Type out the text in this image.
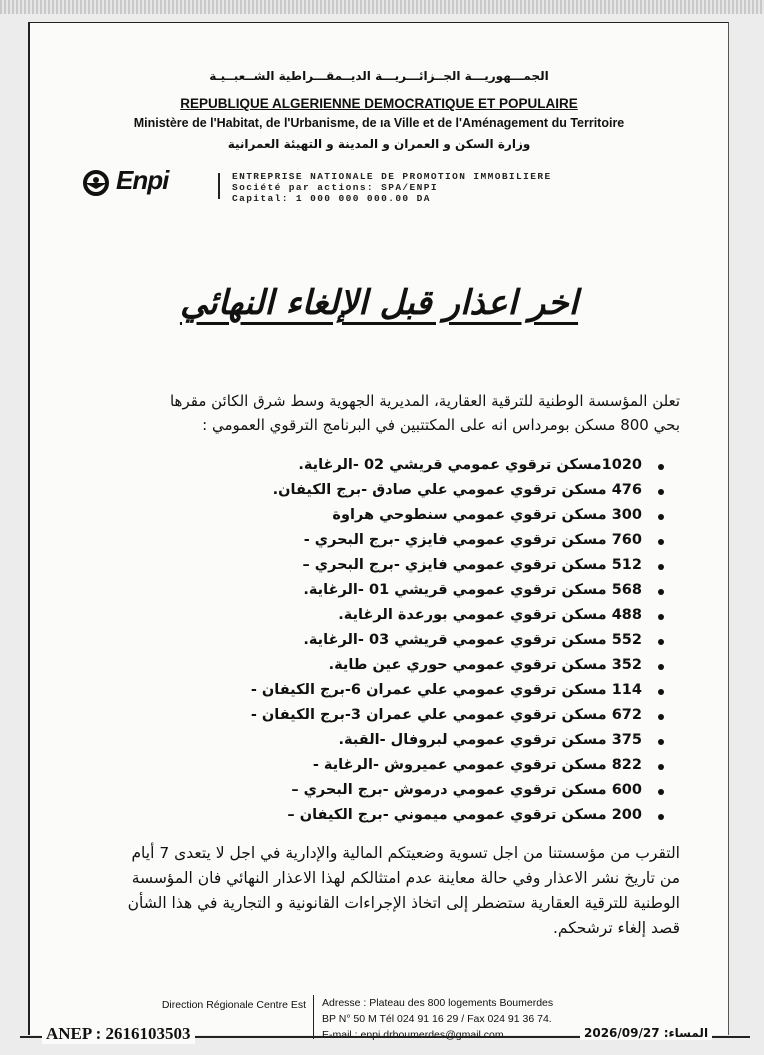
الجمـــهوريـــة الجــزائـــريـــة الديــمقـــراطية الشــعبــيـة
REPUBLIQUE ALGERIENNE DEMOCRATIQUE ET POPULAIRE
Ministère de l'Habitat, de l'Urbanisme, de ıa Ville et de l'Aménagement du Territoire
وزارة السكن و العمران و المدينة و التهيئة العمرانية
Enpi	ENTREPRISE NATIONALE DE PROMOTION IMMOBILIERE
Société par actions: SPA/ENPI
Capital: 1 000 000 000.00 DA
اخر اعذار قبل الإلغاء النهائي
تعلن المؤسسة الوطنية للترقية العقارية، المديرية الجهوية وسط شرق الكائن مقرها
بحي 800 مسكن بومرداس انه على المكتتبين في البرنامج الترقوي العمومي :
1020مسكن ترقوي عمومي قريشي 02 -الرغاية.
476 مسكن ترقوي عمومي علي صادق -برج الكيفان.
300 مسكن ترقوي عمومي سنطوحي هراوة
760 مسكن ترقوي عمومي فايزي -برج البحري -
512 مسكن ترقوي عمومي فايزي -برج البحري –
568 مسكن ترقوي عمومي قريشي 01 -الرغاية.
488 مسكن ترقوي عمومي بورعدة الرغاية.
552 مسكن ترقوي عمومي قريشي 03 -الرغاية.
352 مسكن ترقوي عمومي حوري عين طاية.
114 مسكن ترقوي عمومي علي عمران 6-برج الكيفان -
672 مسكن ترقوي عمومي علي عمران 3-برج الكيفان -
375 مسكن ترقوي عمومي لبروفال -القبة.
822 مسكن ترقوي عمومي عميروش -الرغاية -
600 مسكن ترقوي عمومي درموش -برج البحري –
200 مسكن ترقوي عمومي ميموني -برج الكيفان –
التقرب من مؤسستنا من اجل تسوية وضعيتكم المالية والإدارية في اجل لا يتعدى 7 أيام
من تاريخ نشر الاعذار وفي حالة معاينة عدم امتثالكم لهذا الاعذار النهائي فان المؤسسة
الوطنية للترقية العقارية ستضطر إلى اتخاذ الإجراءات القانونية و التجارية في هذا الشأن
قصد إلغاء ترشحكم.
Direction Régionale Centre Est Adresse : Plateau des 800 logements Boumerdes
BP N° 50 M Tél 024 91 16 29 / Fax 024 91 36 74.
E-mail : enpi.drboumerdes@gmail.com.
ANEP : 2616103503	المساء: 2026/09/27
